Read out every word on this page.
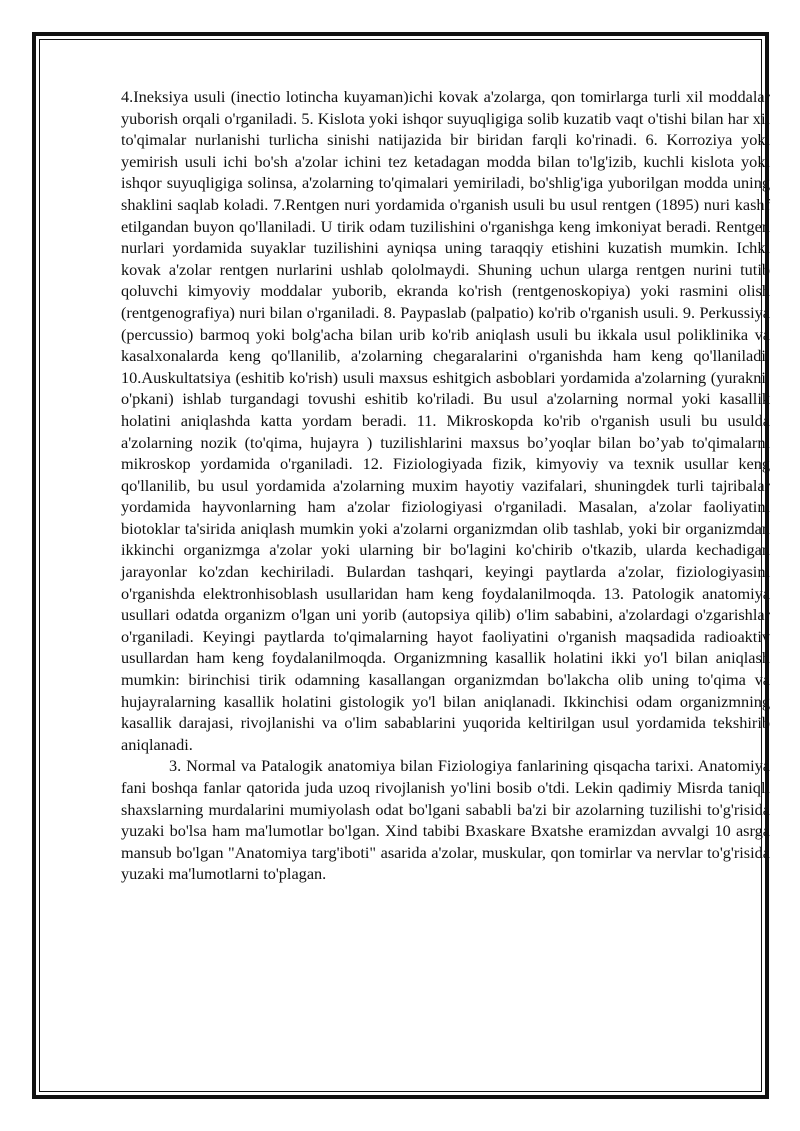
4.Ineksiya usuli (inectio lotincha kuyaman)ichi kovak a'zolarga, qon tomirlarga turli xil moddalar yuborish orqali o'rganiladi. 5. Kislota yoki ishqor suyuqligiga solib kuzatib vaqt o'tishi bilan har xil to'qimalar nurlanishi turlicha sinishi natijazida bir biridan farqli ko'rinadi. 6. Korroziya yoki yemirish usuli ichi bo'sh a'zolar ichini tez ketadagan modda bilan to'lg'izib, kuchli kislota yoki ishqor suyuqligiga solinsa, a'zolarning to'qimalari yemiriladi, bo'shlig'iga yuborilgan modda uning shaklini saqlab koladi. 7.Rentgen nuri yordamida o'rganish usuli bu usul rentgen (1895) nuri kashf etilgandan buyon qo'llaniladi. U tirik odam tuzilishini o'rganishga keng imkoniyat beradi. Rentgen nurlari yordamida suyaklar tuzilishini ayniqsa uning taraqqiy etishini kuzatish mumkin. Ichki kovak a'zolar rentgen nurlarini ushlab qololmaydi. Shuning uchun ularga rentgen nurini tutib qoluvchi kimyoviy moddalar yuborib, ekranda ko'rish (rentgenoskopiya) yoki rasmini olish (rentgenografiya) nuri bilan o'rganiladi. 8. Paypaslab (palpatio) ko'rib o'rganish usuli. 9. Perkussiya (percussio) barmoq yoki bolg'acha bilan urib ko'rib aniqlash usuli bu ikkala usul poliklinika va kasalxonalarda keng qo'llanilib, a'zolarning chegaralarini o'rganishda ham keng qo'llaniladi. 10.Auskultatsiya (eshitib ko'rish) usuli maxsus eshitgich asboblari yordamida a'zolarning (yurakni, o'pkani) ishlab turgandagi tovushi eshitib ko'riladi. Bu usul a'zolarning normal yoki kasallik holatini aniqlashda katta yordam beradi. 11. Mikroskopda ko'rib o'rganish usuli bu usulda a'zolarning nozik (to'qima, hujayra ) tuzilishlarini maxsus bo’yoqlar bilan bo’yab to'qimalarni mikroskop yordamida o'rganiladi. 12. Fiziologiyada fizik, kimyoviy va texnik usullar keng qo'llanilib, bu usul yordamida a'zolarning muxim hayotiy vazifalari, shuningdek turli tajribalar yordamida hayvonlarning ham a'zolar fiziologiyasi o'rganiladi. Masalan, a'zolar faoliyatini biotoklar ta'sirida aniqlash mumkin yoki a'zolarni organizmdan olib tashlab, yoki bir organizmdan ikkinchi organizmga a'zolar yoki ularning bir bo'lagini ko'chirib o'tkazib, ularda kechadigan jarayonlar ko'zdan kechiriladi. Bulardan tashqari, keyingi paytlarda a'zolar, fiziologiyasini o'rganishda elektronhisoblash usullaridan ham keng foydalanilmoqda. 13. Patologik anatomiya usullari odatda organizm o'lgan uni yorib (autopsiya qilib) o'lim sababini, a'zolardagi o'zgarishlar o'rganiladi. Keyingi paytlarda to'qimalarning hayot faoliyatini o'rganish maqsadida radioaktiv usullardan ham keng foydalanilmoqda. Organizmning kasallik holatini ikki yo'l bilan aniqlash mumkin: birinchisi tirik odamning kasallangan organizmdan bo'lakcha olib uning to'qima va hujayralarning kasallik holatini gistologik yo'l bilan aniqlanadi. Ikkinchisi odam organizmning kasallik darajasi, rivojlanishi va o'lim sabablarini yuqorida keltirilgan usul yordamida tekshirib aniqlanadi.

3. Normal va Patalogik anatomiya bilan Fiziologiya fanlarining qisqacha tarixi. Anatomiya fani boshqa fanlar qatorida juda uzoq rivojlanish yo'lini bosib o'tdi. Lekin qadimiy Misrda taniqli shaxslarning murdalarini mumiyolash odat bo'lgani sababli ba'zi bir azolarning tuzilishi to'g'risida yuzaki bo'lsa ham ma'lumotlar bo'lgan. Xind tabibi Bxaskare Bxatshe eramizdan avvalgi 10 asrga mansub bo'lgan "Anatomiya targ'iboti" asarida a'zolar, muskular, qon tomirlar va nervlar to'g'risida yuzaki ma'lumotlarni to'plagan.
